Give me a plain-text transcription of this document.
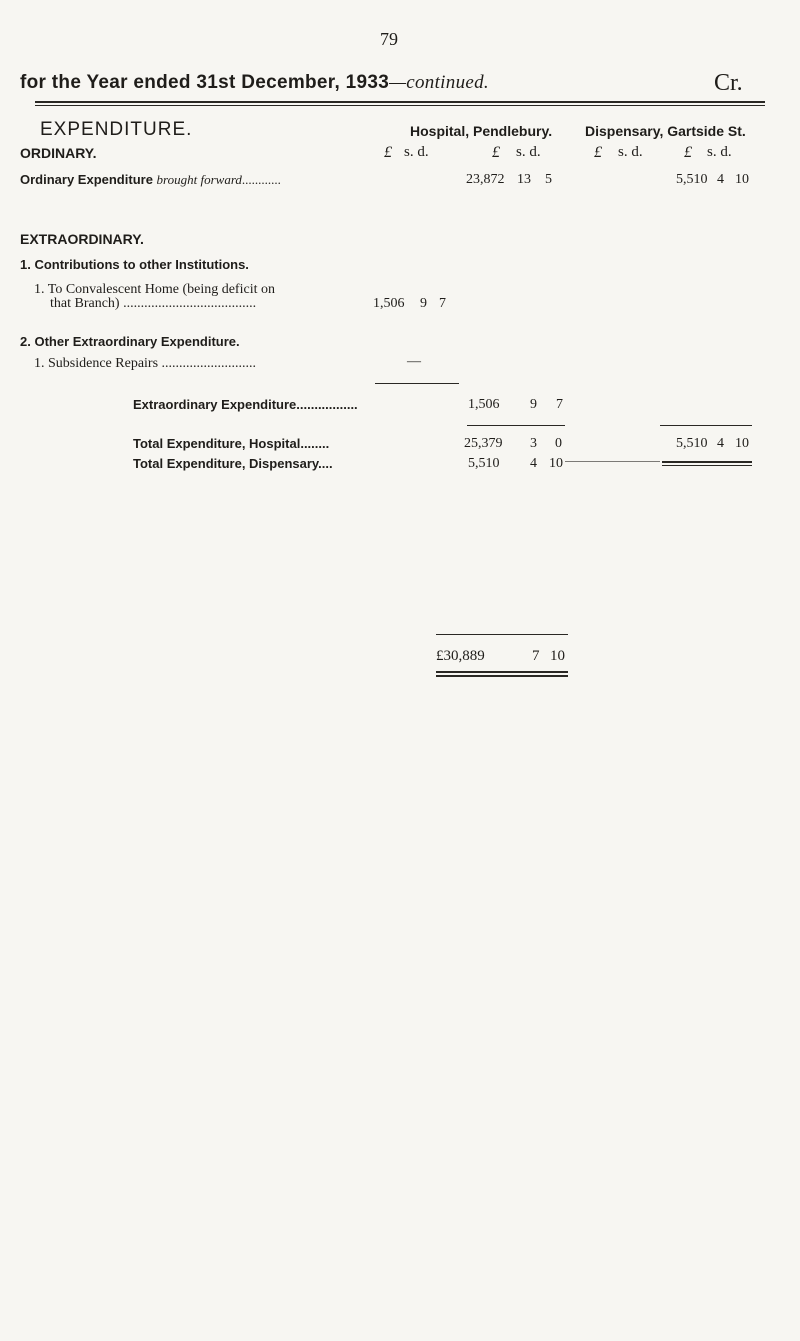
79
for the Year ended 31st December, 1933—continued.	Cr.
EXPENDITURE.	Hospital, Pendlebury. Dispensary, Gartside St.
ORDINARY.	£ s. d.	£ s. d.	£ s. d.	£ s. d.
Ordinary Expenditure brought forward............	23,872 13 5	5,510 4 10
EXTRAORDINARY.
1. Contributions to other Institutions.
1. To Convalescent Home (being deficit on
that Branch) ......................................	1,506 9 7
2. Other Extraordinary Expenditure.
1. Subsidence Repairs ...........................	—
Extraordinary Expenditure.................	1,506 9 7
Total Expenditure, Hospital........	25,379 3 0	5,510 4 10
Total Expenditure, Dispensary....	5,510 4 10
£30,889	7 10
